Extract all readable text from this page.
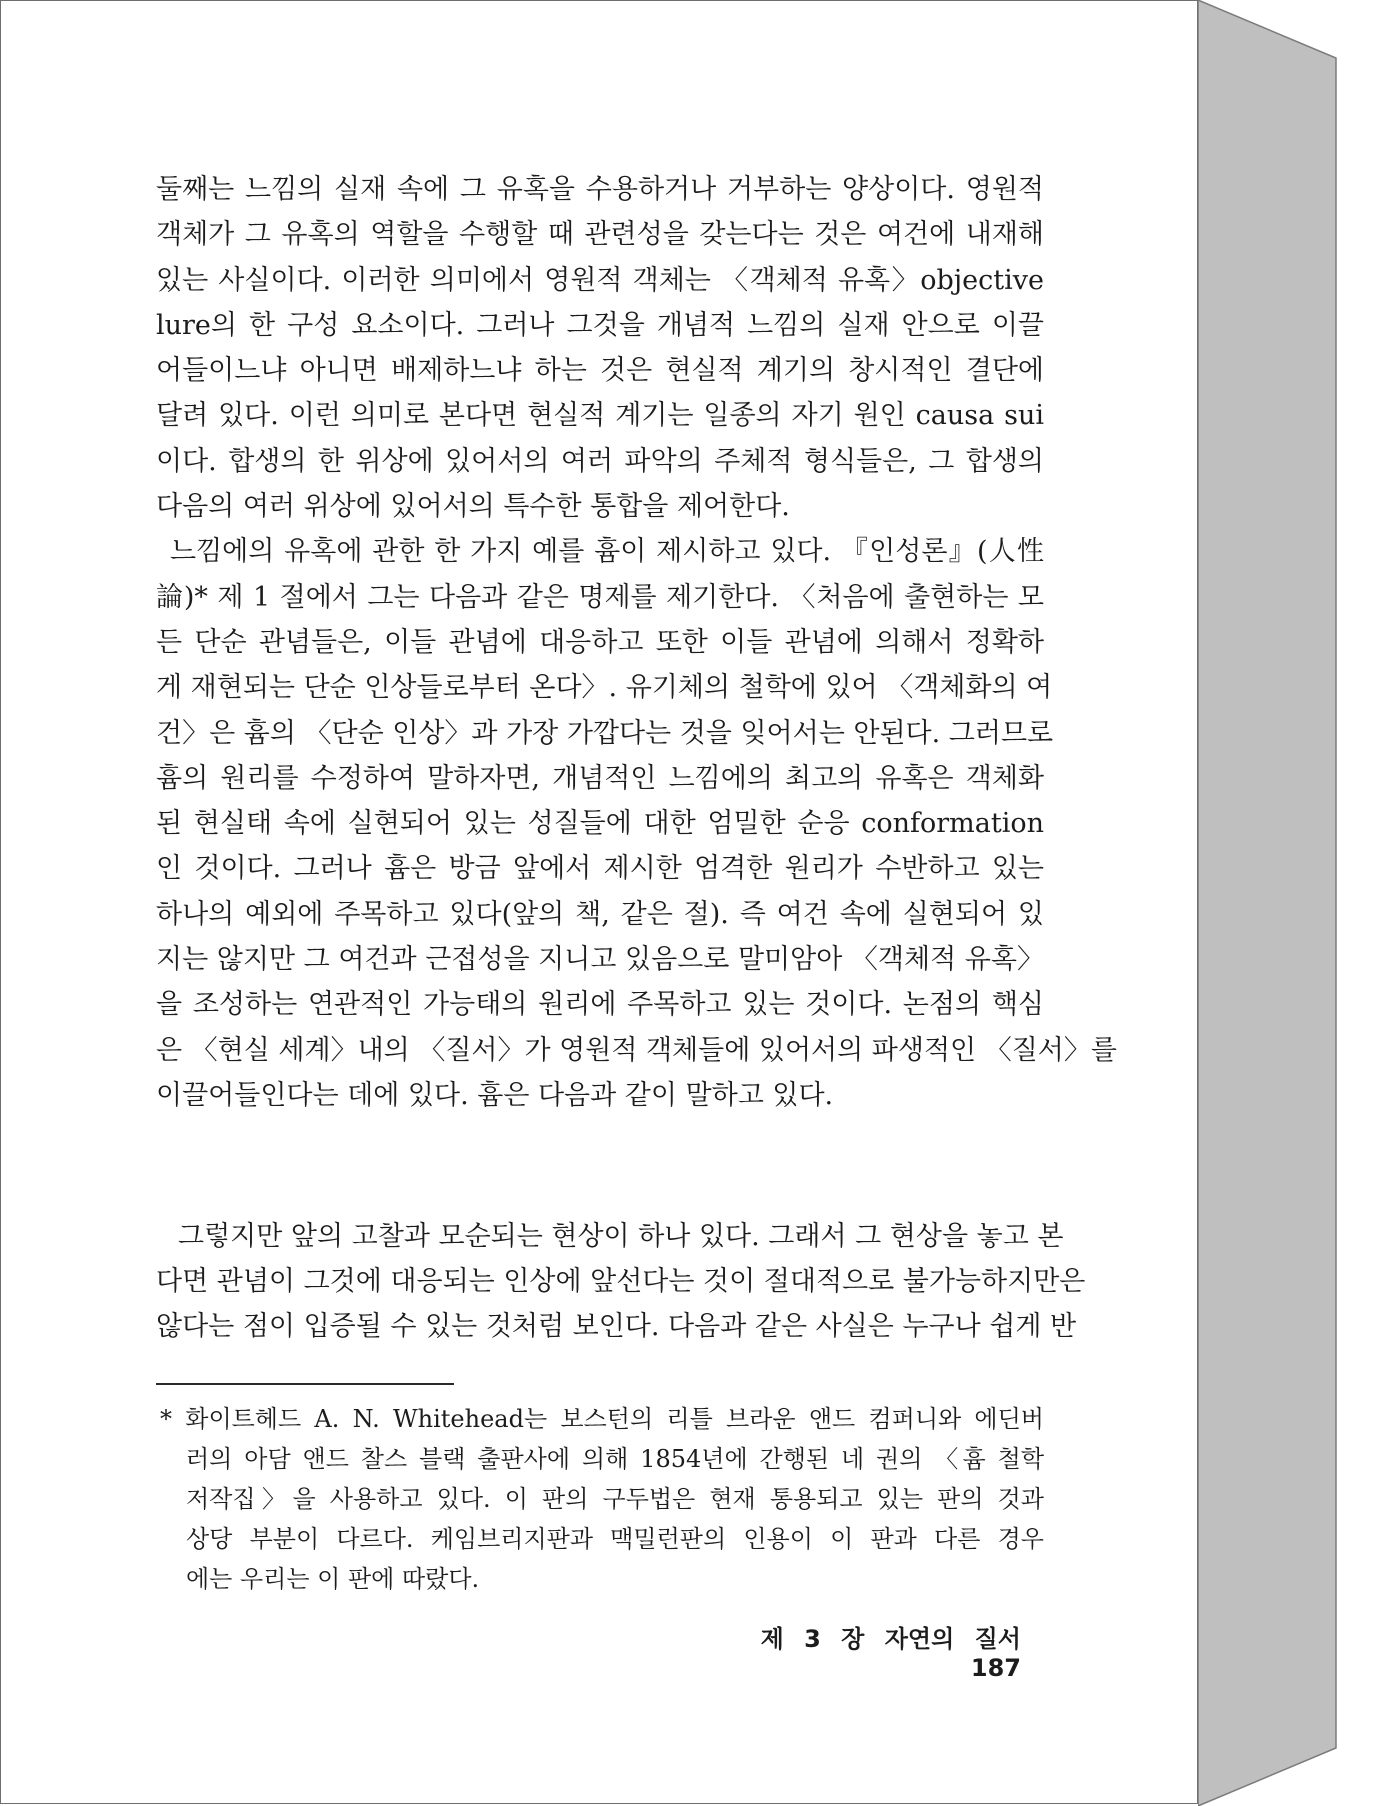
둘째는 느낌의 실재 속에 그 유혹을 수용하거나 거부하는 양상이다. 영원적
객체가 그 유혹의 역할을 수행할 때 관련성을 갖는다는 것은 여건에 내재해
있는 사실이다. 이러한 의미에서 영원적 객체는 〈객체적 유혹〉objective
lure의 한 구성 요소이다. 그러나 그것을 개념적 느낌의 실재 안으로 이끌
어들이느냐 아니면 배제하느냐 하는 것은 현실적 계기의 창시적인 결단에
달려 있다. 이런 의미로 본다면 현실적 계기는 일종의 자기 원인 causa sui
이다. 합생의 한 위상에 있어서의 여러 파악의 주체적 형식들은, 그 합생의
다음의 여러 위상에 있어서의 특수한 통합을 제어한다.
느낌에의 유혹에 관한 한 가지 예를 흄이 제시하고 있다. 『인성론』(人性
論)* 제 1 절에서 그는 다음과 같은 명제를 제기한다. 〈처음에 출현하는 모
든 단순 관념들은, 이들 관념에 대응하고 또한 이들 관념에 의해서 정확하
게 재현되는 단순 인상들로부터 온다〉. 유기체의 철학에 있어 〈객체화의 여
건〉은 흄의 〈단순 인상〉과 가장 가깝다는 것을 잊어서는 안된다. 그러므로
흄의 원리를 수정하여 말하자면, 개념적인 느낌에의 최고의 유혹은 객체화
된 현실태 속에 실현되어 있는 성질들에 대한 엄밀한 순응 conformation
인 것이다. 그러나 흄은 방금 앞에서 제시한 엄격한 원리가 수반하고 있는
하나의 예외에 주목하고 있다(앞의 책, 같은 절). 즉 여건 속에 실현되어 있
지는 않지만 그 여건과 근접성을 지니고 있음으로 말미암아 〈객체적 유혹〉
을 조성하는 연관적인 가능태의 원리에 주목하고 있는 것이다. 논점의 핵심
은 〈현실 세계〉내의 〈질서〉가 영원적 객체들에 있어서의 파생적인 〈질서〉를
이끌어들인다는 데에 있다. 흄은 다음과 같이 말하고 있다.
그렇지만 앞의 고찰과 모순되는 현상이 하나 있다. 그래서 그 현상을 놓고 본
다면 관념이 그것에 대응되는 인상에 앞선다는 것이 절대적으로 불가능하지만은
않다는 점이 입증될 수 있는 것처럼 보인다. 다음과 같은 사실은 누구나 쉽게 반
* 화이트헤드 A. N. Whitehead는 보스턴의 리틀 브라운 앤드 컴퍼니와 에딘버
러의 아담 앤드 찰스 블랙 출판사에 의해 1854년에 간행된 네 권의 〈흄 철학
저작집〉을 사용하고 있다. 이 판의 구두법은 현재 통용되고 있는 판의 것과
상당 부분이 다르다. 케임브리지판과 맥밀런판의 인용이 이 판과 다른 경우
에는 우리는 이 판에 따랐다.
제 3 장 자연의 질서 187
